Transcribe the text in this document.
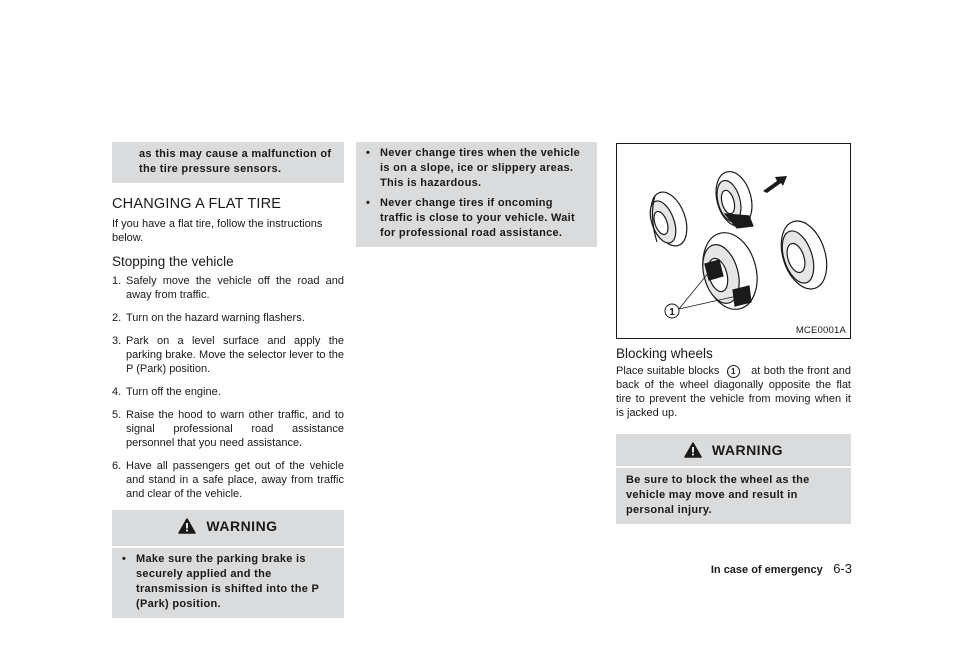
as this may cause a malfunction of the tire pressure sensors.

CHANGING A FLAT TIRE

If you have a flat tire, follow the instructions below.

Stopping the vehicle
1. Safely move the vehicle off the road and away from traffic.
2. Turn on the hazard warning flashers.
3. Park on a level surface and apply the parking brake. Move the selector lever to the P (Park) position.
4. Turn off the engine.
5. Raise the hood to warn other traffic, and to signal professional road assistance personnel that you need assistance.
6. Have all passengers get out of the vehicle and stand in a safe place, away from traffic and clear of the vehicle.
WARNING
• Make sure the parking brake is securely applied and the transmission is shifted into the P (Park) position.
• Never change tires when the vehicle is on a slope, ice or slippery areas. This is hazardous.
• Never change tires if oncoming traffic is close to your vehicle. Wait for professional road assistance.
1
MCE0001A
Blocking wheels

Place suitable blocks 1 at both the front and back of the wheel diagonally opposite the flat tire to prevent the vehicle from moving when it is jacked up.

WARNING

Be sure to block the wheel as the vehicle may move and result in personal injury.

In case of emergency 6-3
